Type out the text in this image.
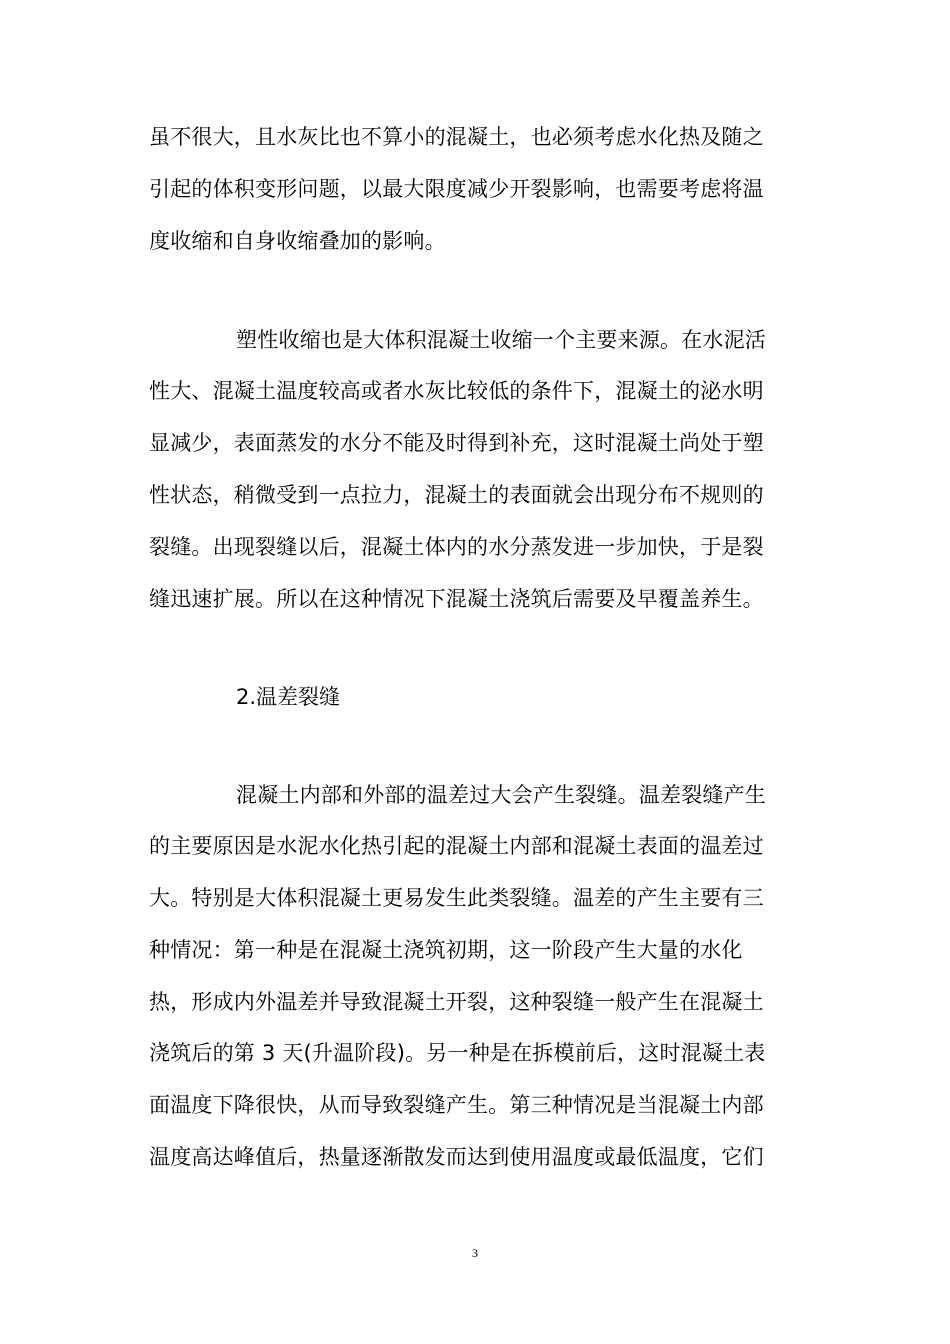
虽不很大，且水灰比也不算小的混凝土，也必须考虑水化热及随之
引起的体积变形问题，以最大限度减少开裂影响，也需要考虑将温
度收缩和自身收缩叠加的影响。
塑性收缩也是大体积混凝土收缩一个主要来源。在水泥活
性大、混凝土温度较高或者水灰比较低的条件下，混凝土的泌水明
显减少，表面蒸发的水分不能及时得到补充，这时混凝土尚处于塑
性状态，稍微受到一点拉力，混凝土的表面就会出现分布不规则的
裂缝。出现裂缝以后，混凝土体内的水分蒸发进一步加快，于是裂
缝迅速扩展。所以在这种情况下混凝土浇筑后需要及早覆盖养生。
2.温差裂缝
混凝土内部和外部的温差过大会产生裂缝。温差裂缝产生
的主要原因是水泥水化热引起的混凝土内部和混凝土表面的温差过
大。特别是大体积混凝土更易发生此类裂缝。温差的产生主要有三
种情况：第一种是在混凝土浇筑初期，这一阶段产生大量的水化
热，形成内外温差并导致混凝土开裂，这种裂缝一般产生在混凝土
浇筑后的第 3 天(升温阶段)。另一种是在拆模前后，这时混凝土表
面温度下降很快，从而导致裂缝产生。第三种情况是当混凝土内部
温度高达峰值后，热量逐渐散发而达到使用温度或最低温度，它们
3
